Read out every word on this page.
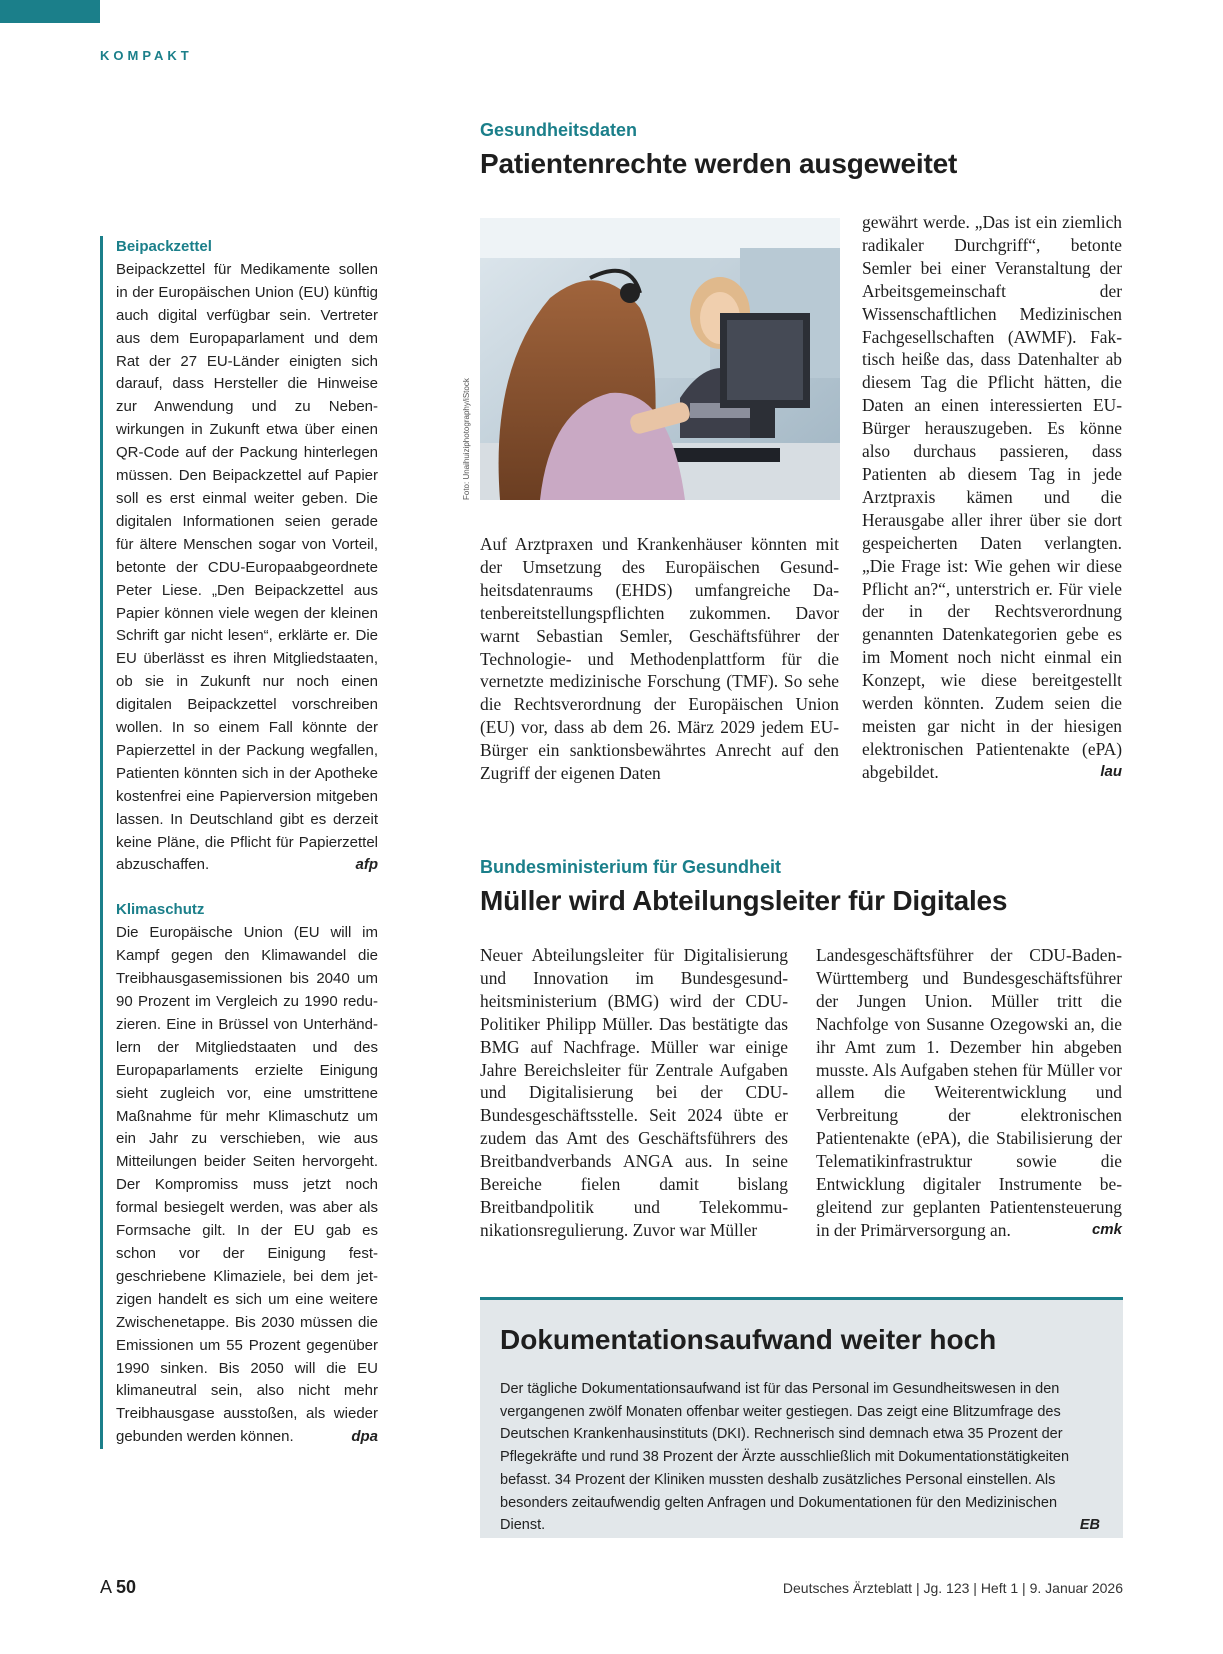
KOMPAKT
Beipackzettel
Beipackzettel für Medikamente sollen in der Europäischen Union (EU) künftig auch digital verfügbar sein. Vertreter aus dem Europaparlament und dem Rat der 27 EU-Länder einigten sich darauf, dass Hersteller die Hinweise zur Anwendung und zu Nebenwirkungen in Zukunft etwa über einen QR-Code auf der Packung hinterlegen müssen. Den Beipackzettel auf Papier soll es erst einmal weiter geben. Die digitalen Informationen seien gerade für ältere Menschen sogar von Vorteil, betonte der CDU-Europaabgeordnete Peter Liese. „Den Beipackzettel aus Papier können viele wegen der kleinen Schrift gar nicht lesen“, erklärte er. Die EU überlässt es ihren Mitgliedstaaten, ob sie in Zukunft nur noch einen digitalen Beipackzettel vorschreiben wollen. In so einem Fall könnte der Papierzettel in der Packung wegfallen, Patienten könnten sich in der Apotheke kostenfrei eine Papierversion mitgeben lassen. In Deutschland gibt es derzeit keine Pläne, die Pflicht für Papierzettel abzuschaffen.	afp
Klimaschutz
Die Europäische Union (EU will im Kampf gegen den Klimawandel die Treibhausgasemissionen bis 2040 um 90 Prozent im Vergleich zu 1990 reduzieren. Eine in Brüssel von Unterhändlern der Mitgliedstaaten und des Europaparlaments erzielte Einigung sieht zugleich vor, eine umstrittene Maßnahme für mehr Klimaschutz um ein Jahr zu verschieben, wie aus Mitteilungen beider Seiten hervorgeht. Der Kompromiss muss jetzt noch formal besiegelt werden, was aber als Formsache gilt. In der EU gab es schon vor der Einigung festgeschriebene Klimaziele, bei dem jetzigen handelt es sich um eine weitere Zwischenetappe. Bis 2030 müssen die Emissionen um 55 Prozent gegenüber 1990 sinken. Bis 2050 will die EU klimaneutral sein, also nicht mehr Treibhausgase ausstoßen, als wieder gebunden werden können.	dpa
Gesundheitsdaten
Patientenrechte werden ausgeweitet
Foto: Unaihuiziphotography/iStock
Auf Arztpraxen und Krankenhäuser könnten mit der Umsetzung des Europäischen Gesundheitsdatenraums (EHDS) umfangreiche Datenbereitstellungspflichten zukommen. Davor warnt Sebastian Semler, Geschäftsführer der Technologie- und Methodenplattform für die vernetzte medizinische Forschung (TMF). So sehe die Rechtsverordnung der Europäischen Union (EU) vor, dass ab dem 26. März 2029 jedem EU-Bürger ein sanktionsbewährtes Anrecht auf den Zugriff der eigenen Daten
gewährt werde. „Das ist ein ziemlich radikaler Durchgriff“, betonte Semler bei einer Veranstaltung der Arbeitsgemeinschaft der Wissenschaftlichen Medizinischen Fachgesellschaften (AWMF). Faktisch heiße das, dass Datenhalter ab diesem Tag die Pflicht hätten, die Daten an einen interessierten EU-Bürger herauszugeben. Es könne also durchaus passieren, dass Patienten ab diesem Tag in jede Arztpraxis kämen und die Herausgabe aller ihrer über sie dort gespeicherten Daten verlangten. „Die Frage ist: Wie gehen wir diese Pflicht an?“, unterstrich er. Für viele der in der Rechtsverordnung genannten Datenkategorien gebe es im Moment noch nicht einmal ein Konzept, wie diese bereitgestellt werden könnten. Zudem seien die meisten gar nicht in der hiesigen elektronischen Patientenakte (ePA) abgebildet.	lau
Bundesministerium für Gesundheit
Müller wird Abteilungsleiter für Digitales
Neuer Abteilungsleiter für Digitalisierung und Innovation im Bundesgesundheitsministerium (BMG) wird der CDU-Politiker Philipp Müller. Das bestätigte das BMG auf Nachfrage. Müller war einige Jahre Bereichsleiter für Zentrale Aufgaben und Digitalisierung bei der CDU-Bundesgeschäftsstelle. Seit 2024 übte er zudem das Amt des Geschäftsführers des Breitbandverbands ANGA aus. In seine Bereiche fielen damit bislang Breitbandpolitik und Telekommunikationsregulierung. Zuvor war Müller
Landesgeschäftsführer der CDU-Baden-Württemberg und Bundesgeschäftsführer der Jungen Union. Müller tritt die Nachfolge von Susanne Ozegowski an, die ihr Amt zum 1. Dezember hin abgeben musste. Als Aufgaben stehen für Müller vor allem die Weiterentwicklung und Verbreitung der elektronischen Patientenakte (ePA), die Stabilisierung der Telematikinfrastruktur sowie die Entwicklung digitaler Instrumente begleitend zur geplanten Patientensteuerung in der Primärversorgung an.	cmk
Dokumentationsaufwand weiter hoch
Der tägliche Dokumentationsaufwand ist für das Personal im Gesundheitswesen in den vergangenen zwölf Monaten offenbar weiter gestiegen. Das zeigt eine Blitzumfrage des Deutschen Krankenhausinstituts (DKI). Rechnerisch sind demnach etwa 35 Prozent der Pflegekräfte und rund 38 Prozent der Ärzte ausschließlich mit Dokumentationstätigkeiten befasst. 34 Prozent der Kliniken mussten deshalb zusätzliches Personal einstellen. Als besonders zeitaufwendig gelten Anfragen und Dokumentationen für den Medizinischen Dienst.	EB
A 50	Deutsches Ärzteblatt | Jg. 123 | Heft 1 | 9. Januar 2026
